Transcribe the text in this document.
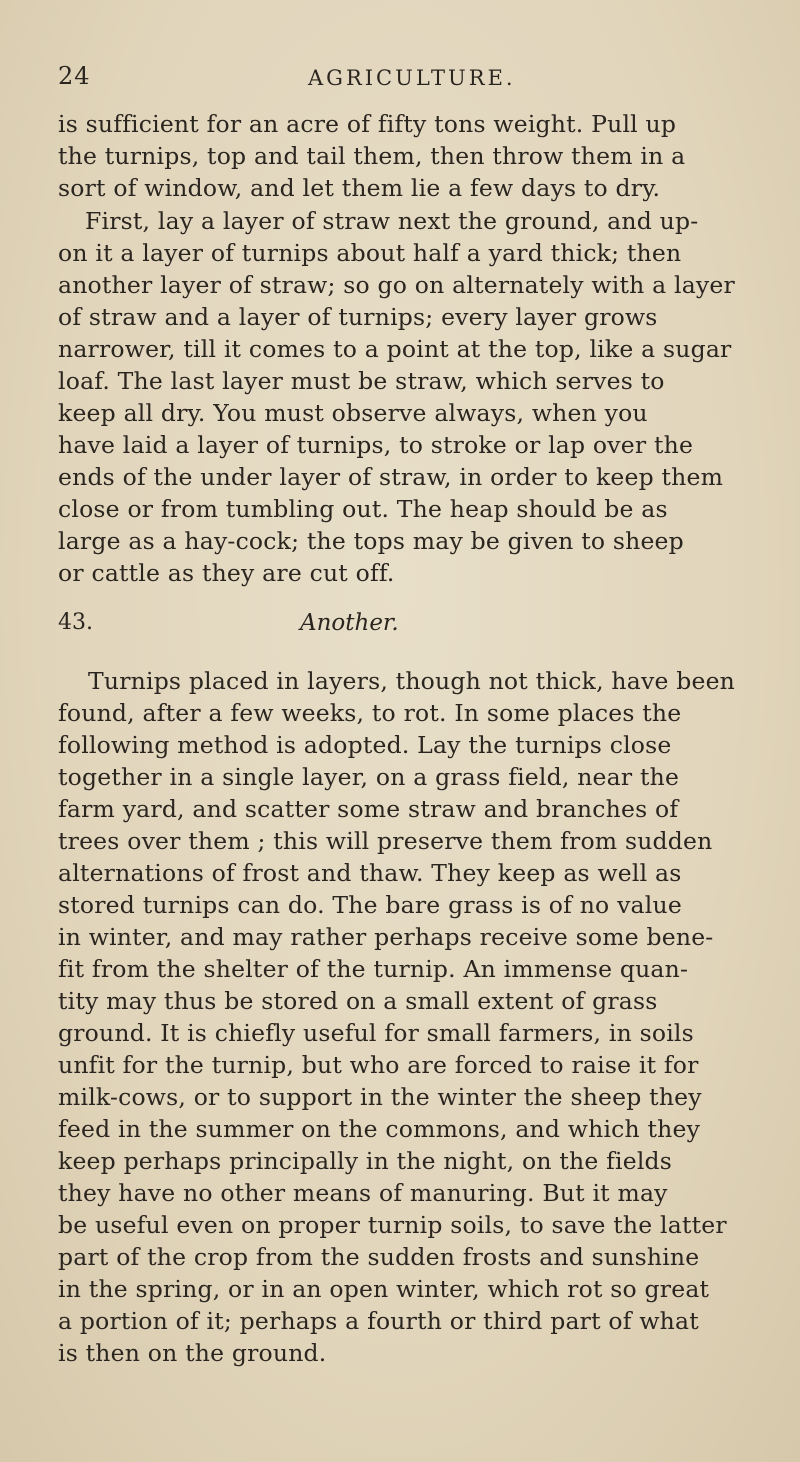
24	AGRICULTURE.
is sufficient for an acre of fifty tons weight. Pull up
the turnips, top and tail them, then throw them in a
sort of window, and let them lie a few days to dry.
First, lay a layer of straw next the ground, and up-
on it a layer of turnips about half a yard thick; then
another layer of straw; so go on alternately with a layer
of straw and a layer of turnips; every layer grows
narrower, till it comes to a point at the top, like a sugar
loaf. The last layer must be straw, which serves to
keep all dry. You must observe always, when you
have laid a layer of turnips, to stroke or lap over the
ends of the under layer of straw, in order to keep them
close or from tumbling out. The heap should be as
large as a hay-cock; the tops may be given to sheep
or cattle as they are cut off.
43.	Another.
Turnips placed in layers, though not thick, have been
found, after a few weeks, to rot. In some places the
following method is adopted. Lay the turnips close
together in a single layer, on a grass field, near the
farm yard, and scatter some straw and branches of
trees over them ; this will preserve them from sudden
alternations of frost and thaw. They keep as well as
stored turnips can do. The bare grass is of no value
in winter, and may rather perhaps receive some bene-
fit from the shelter of the turnip. An immense quan-
tity may thus be stored on a small extent of grass
ground. It is chiefly useful for small farmers, in soils
unfit for the turnip, but who are forced to raise it for
milk-cows, or to support in the winter the sheep they
feed in the summer on the commons, and which they
keep perhaps principally in the night, on the fields
they have no other means of manuring. But it may
be useful even on proper turnip soils, to save the latter
part of the crop from the sudden frosts and sunshine
in the spring, or in an open winter, which rot so great
a portion of it; perhaps a fourth or third part of what
is then on the ground.
